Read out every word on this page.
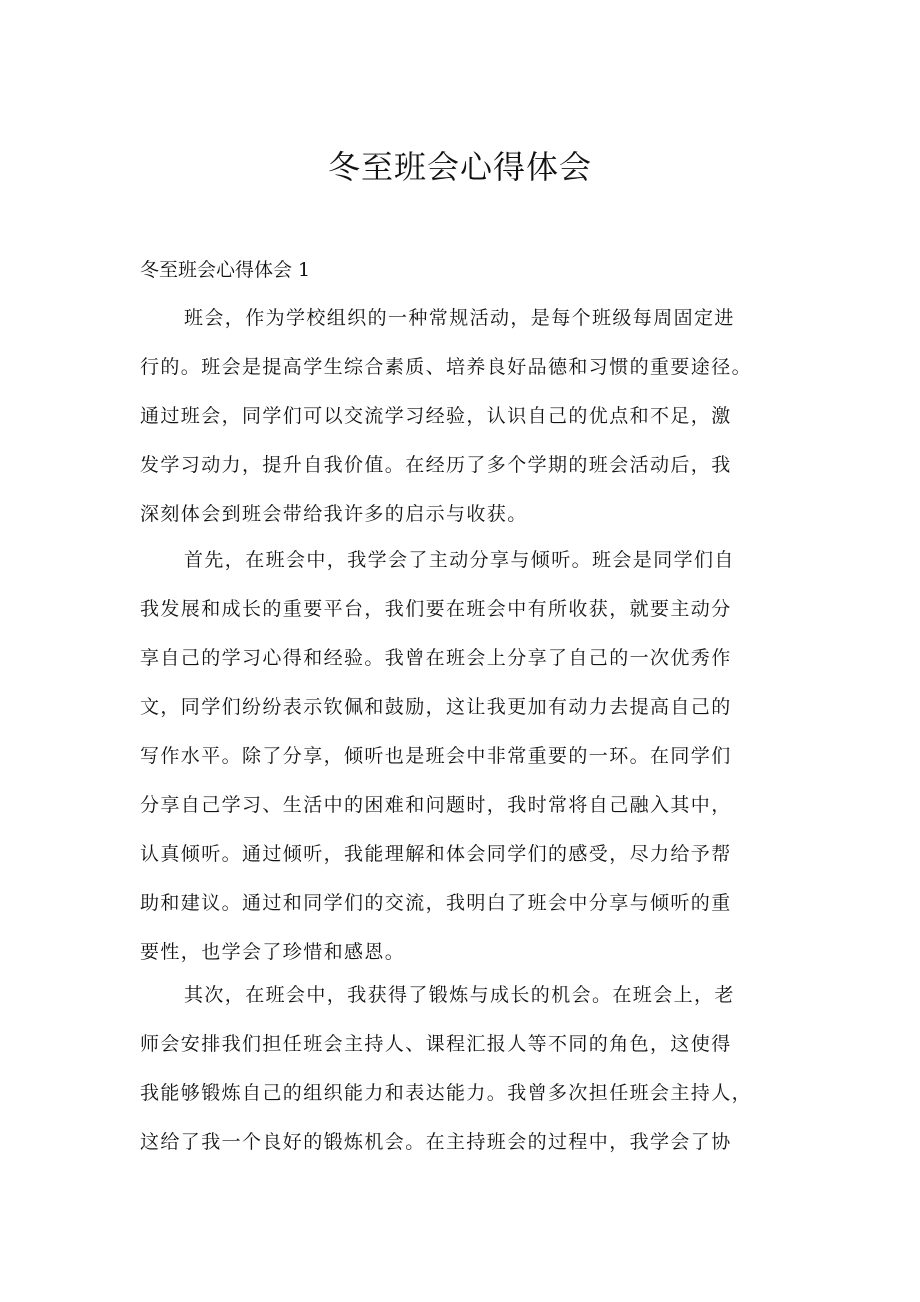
冬至班会心得体会
冬至班会心得体会 1
班会，作为学校组织的一种常规活动，是每个班级每周固定进
行的。班会是提高学生综合素质、培养良好品德和习惯的重要途径。
通过班会，同学们可以交流学习经验，认识自己的优点和不足，激
发学习动力，提升自我价值。在经历了多个学期的班会活动后，我
深刻体会到班会带给我许多的启示与收获。
首先，在班会中，我学会了主动分享与倾听。班会是同学们自
我发展和成长的重要平台，我们要在班会中有所收获，就要主动分
享自己的学习心得和经验。我曾在班会上分享了自己的一次优秀作
文，同学们纷纷表示钦佩和鼓励，这让我更加有动力去提高自己的
写作水平。除了分享，倾听也是班会中非常重要的一环。在同学们
分享自己学习、生活中的困难和问题时，我时常将自己融入其中，
认真倾听。通过倾听，我能理解和体会同学们的感受，尽力给予帮
助和建议。通过和同学们的交流，我明白了班会中分享与倾听的重
要性，也学会了珍惜和感恩。
其次，在班会中，我获得了锻炼与成长的机会。在班会上，老
师会安排我们担任班会主持人、课程汇报人等不同的角色，这使得
我能够锻炼自己的组织能力和表达能力。我曾多次担任班会主持人，
这给了我一个良好的锻炼机会。在主持班会的过程中，我学会了协
